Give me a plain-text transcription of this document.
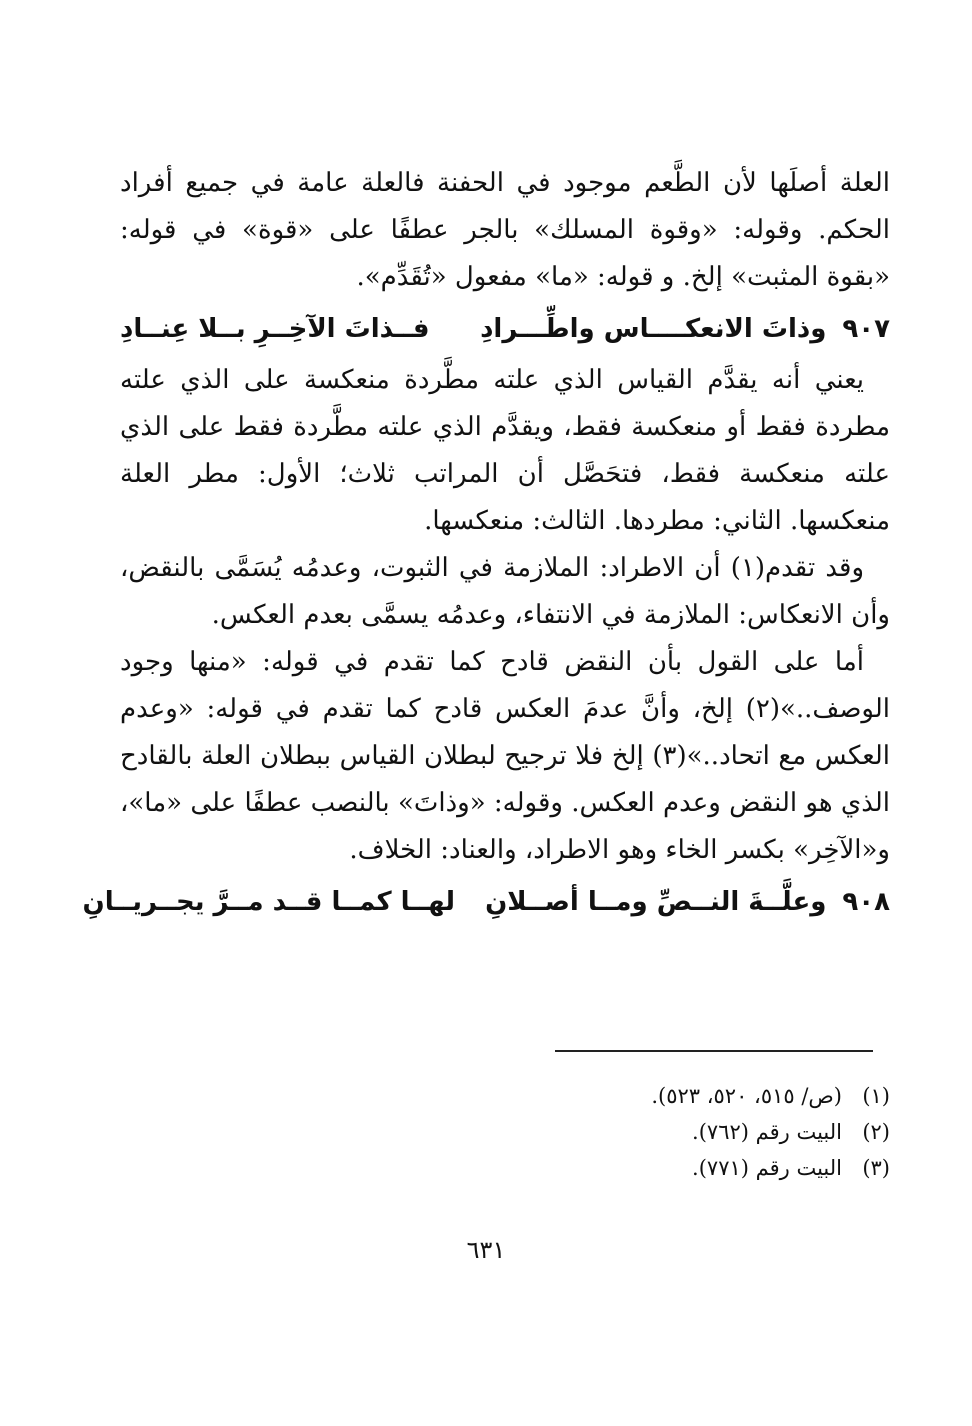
العلة أصلَها لأن الطَّعم موجود في الحفنة فالعلة عامة في جميع أفراد الحكم. وقوله: «وقوة المسلك» بالجر عطفًا على «قوة» في قوله: «بقوة المثبت» إلخ. و قوله: «ما» مفعول «تُقَدِّم».

٩٠٧
وذاتَ الانعكــــاس واطِّـــرادِ
فــذاتَ الآخِــرِ بــلا عِنــادِ

يعني أنه يقدَّم القياس الذي علته مطَّردة منعكسة على الذي علته مطردة فقط أو منعكسة فقط، ويقدَّم الذي علته مطَّردة فقط على الذي علته منعكسة فقط، فتحَصَّل أن المراتب ثلاث؛ الأول: مطر العلة منعكسها. الثاني: مطردها. الثالث: منعكسها.

وقد تقدم(١) أن الاطراد: الملازمة في الثبوت، وعدمُه يُسَمَّى بالنقض، وأن الانعكاس: الملازمة في الانتفاء، وعدمُه يسمَّى بعدم العكس.

أما على القول بأن النقض قادح كما تقدم في قوله: «منها وجود الوصف..»(٢) إلخ، وأنَّ عدمَ العكس قادح كما تقدم في قوله: «وعدم العكس مع اتحاد..»(٣) إلخ فلا ترجيح لبطلان القياس ببطلان العلة بالقادح الذي هو النقض وعدم العكس. وقوله: «وذاتَ» بالنصب عطفًا على «ما»، و«الآخِر» بكسر الخاء وهو الاطراد، والعناد: الخلاف.

٩٠٨
وعلَّــةَ النــصِّ ومــا أصــلانِ
لهــا كمــا قــد مــرَّ يجــريــانِ
(١)
(ص/ ٥١٥، ٥٢٠، ٥٢٣).
(٢)
البيت رقم (٧٦٢).
(٣)
البيت رقم (٧٧١).
٦٣١
